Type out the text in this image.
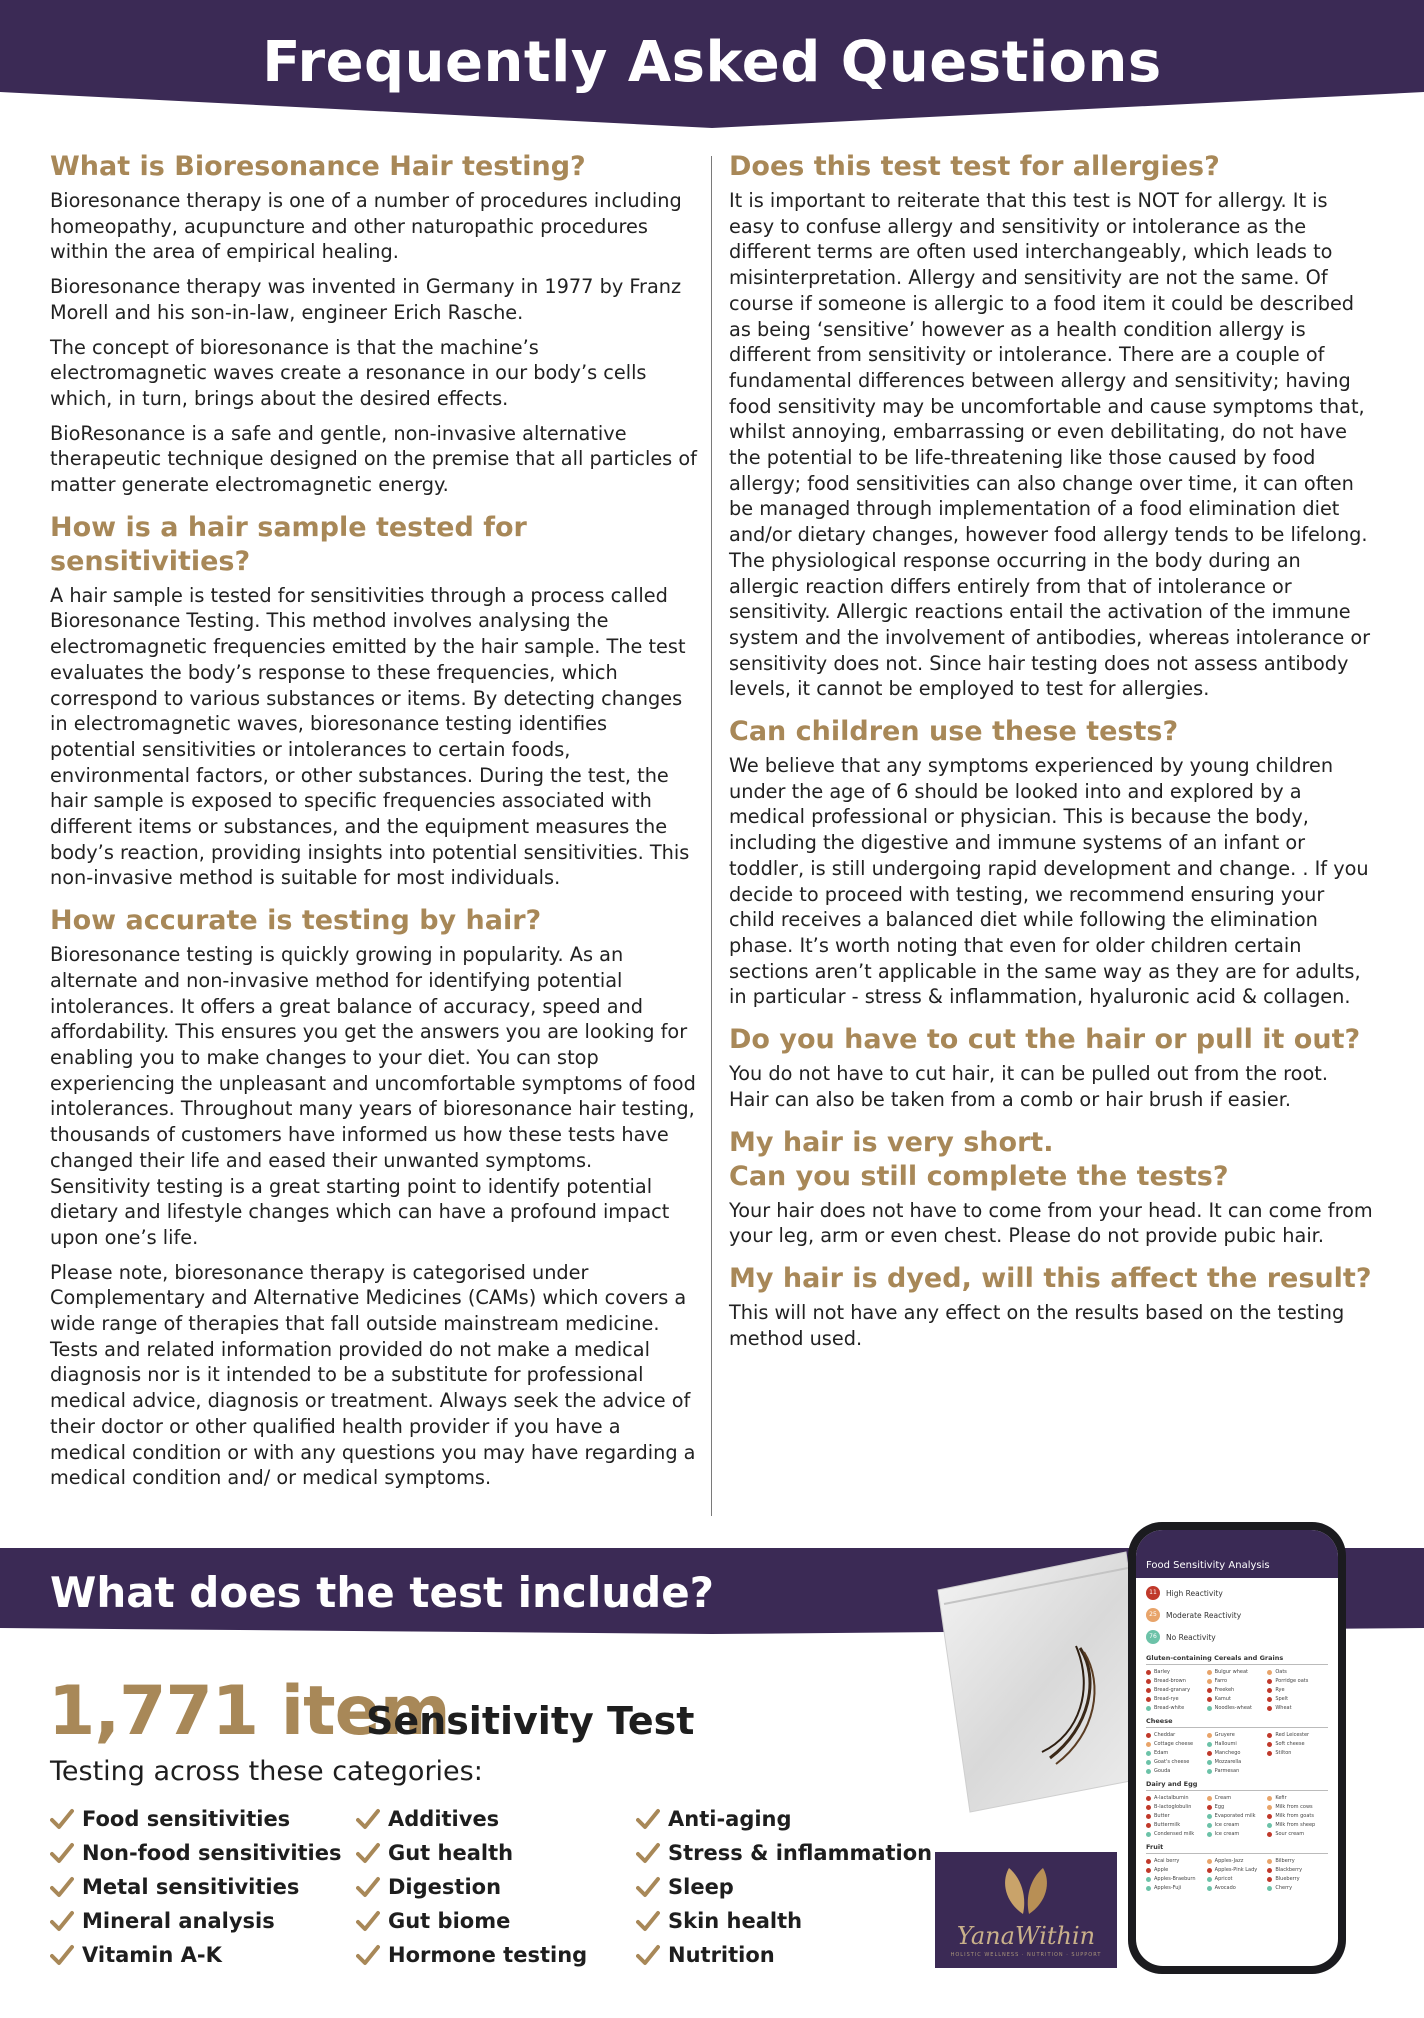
Frequently Asked Questions
What is Bioresonance Hair testing?

Bioresonance therapy is one of a number of procedures including homeopathy, acupuncture and other naturopathic procedures within the area of empirical healing.

Bioresonance therapy was invented in Germany in 1977 by Franz Morell and his son-in-law, engineer Erich Rasche.

The concept of bioresonance is that the machine’s electromagnetic waves create a resonance in our body’s cells which, in turn, brings about the desired effects.

BioResonance is a safe and gentle, non-invasive alternative therapeutic technique designed on the premise that all particles of matter generate electromagnetic energy.

How is a hair sample tested for sensitivities?

A hair sample is tested for sensitivities through a process called Bioresonance Testing. This method involves analysing the electromagnetic frequencies emitted by the hair sample. The test evaluates the body’s response to these frequencies, which correspond to various substances or items. By detecting changes in electromagnetic waves, bioresonance testing identifies potential sensitivities or intolerances to certain foods, environmental factors, or other substances. During the test, the hair sample is exposed to specific frequencies associated with different items or substances, and the equipment measures the body’s reaction, providing insights into potential sensitivities. This non-invasive method is suitable for most individuals.

How accurate is testing by hair?

Bioresonance testing is quickly growing in popularity. As an alternate and non-invasive method for identifying potential intolerances. It offers a great balance of accuracy, speed and affordability. This ensures you get the answers you are looking for enabling you to make changes to your diet. You can stop experiencing the unpleasant and uncomfortable symptoms of food intolerances. Throughout many years of bioresonance hair testing, thousands of customers have informed us how these tests have changed their life and eased their unwanted symptoms. Sensitivity testing is a great starting point to identify potential dietary and lifestyle changes which can have a profound impact upon one’s life.

Please note, bioresonance therapy is categorised under Complementary and Alternative Medicines (CAMs) which covers a wide range of therapies that fall outside mainstream medicine. Tests and related information provided do not make a medical diagnosis nor is it intended to be a substitute for professional medical advice, diagnosis or treatment. Always seek the advice of their doctor or other qualified health provider if you have a medical condition or with any questions you may have regarding a medical condition and/ or medical symptoms.

Does this test test for allergies?

It is important to reiterate that this test is NOT for allergy. It is easy to confuse allergy and sensitivity or intolerance as the different terms are often used interchangeably, which leads to misinterpretation. Allergy and sensitivity are not the same. Of course if someone is allergic to a food item it could be described as being ‘sensitive’ however as a health condition allergy is different from sensitivity or intolerance. There are a couple of fundamental differences between allergy and sensitivity; having food sensitivity may be uncomfortable and cause symptoms that, whilst annoying, embarrassing or even debilitating, do not have the potential to be life-threatening like those caused by food allergy; food sensitivities can also change over time, it can often be managed through implementation of a food elimination diet and/or dietary changes, however food allergy tends to be lifelong. The physiological response occurring in the body during an allergic reaction differs entirely from that of intolerance or sensitivity. Allergic reactions entail the activation of the immune system and the involvement of antibodies, whereas intolerance or sensitivity does not. Since hair testing does not assess antibody levels, it cannot be employed to test for allergies.

Can children use these tests?

We believe that any symptoms experienced by young children under the age of 6 should be looked into and explored by a medical professional or physician. This is because the body, including the digestive and immune systems of an infant or toddler, is still undergoing rapid development and change. . If you decide to proceed with testing, we recommend ensuring your child receives a balanced diet while following the elimination phase. It’s worth noting that even for older children certain sections aren’t applicable in the same way as they are for adults, in particular - stress & inflammation, hyaluronic acid & collagen.

Do you have to cut the hair or pull it out?

You do not have to cut hair, it can be pulled out from the root. Hair can also be taken from a comb or hair brush if easier.

My hair is very short.
Can you still complete the tests?

Your hair does not have to come from your head. It can come from your leg, arm or even chest. Please do not provide pubic hair.

My hair is dyed, will this affect the result?

This will not have any effect on the results based on the testing method used.

What does the test include?
1,771 item
Sensitivity Test
Testing across these categories:
Food sensitivities
Non-food sensitivities
Metal sensitivities
Mineral analysis
Vitamin A-K
Additives
Gut health
Digestion
Gut biome
Hormone testing
Anti-aging
Stress & inflammation
Sleep
Skin health
Nutrition
YanaWithin
HOLISTIC WELLNESS · NUTRITION · SUPPORT
Food Sensitivity Analysis
11	High Reactivity
25	Moderate Reactivity
76	No Reactivity
Gluten-containing Cereals and Grains
Barley	Bulgur wheat	Oats
Bread-brown	Farro	Porridge oats
Bread-granary	Freekeh	Rye
Bread-rye	Kamut	Spelt
Bread-white	Noodles-wheat	Wheat
Cheese
Cheddar	Gruyere	Red Leicester
Cottage cheese	Halloumi	Soft cheese
Edam	Manchego	Stilton
Goat's cheese	Mozzarella
Gouda	Parmesan
Dairy and Egg
A-lactalbumin	Cream	Kefir
B-lactoglobulin	Egg	Milk from cows
Butter	Evaporated milk	Milk from goats
Buttermilk	Ice cream	Milk from sheep
Condensed milk	Ice cream	Sour cream
Fruit
Acai berry	Apples-Jazz	Bilberry
Apple	Apples-Pink Lady	Blackberry
Apples-Braeburn	Apricot	Blueberry
Apples-Fuji	Avocado	Cherry
